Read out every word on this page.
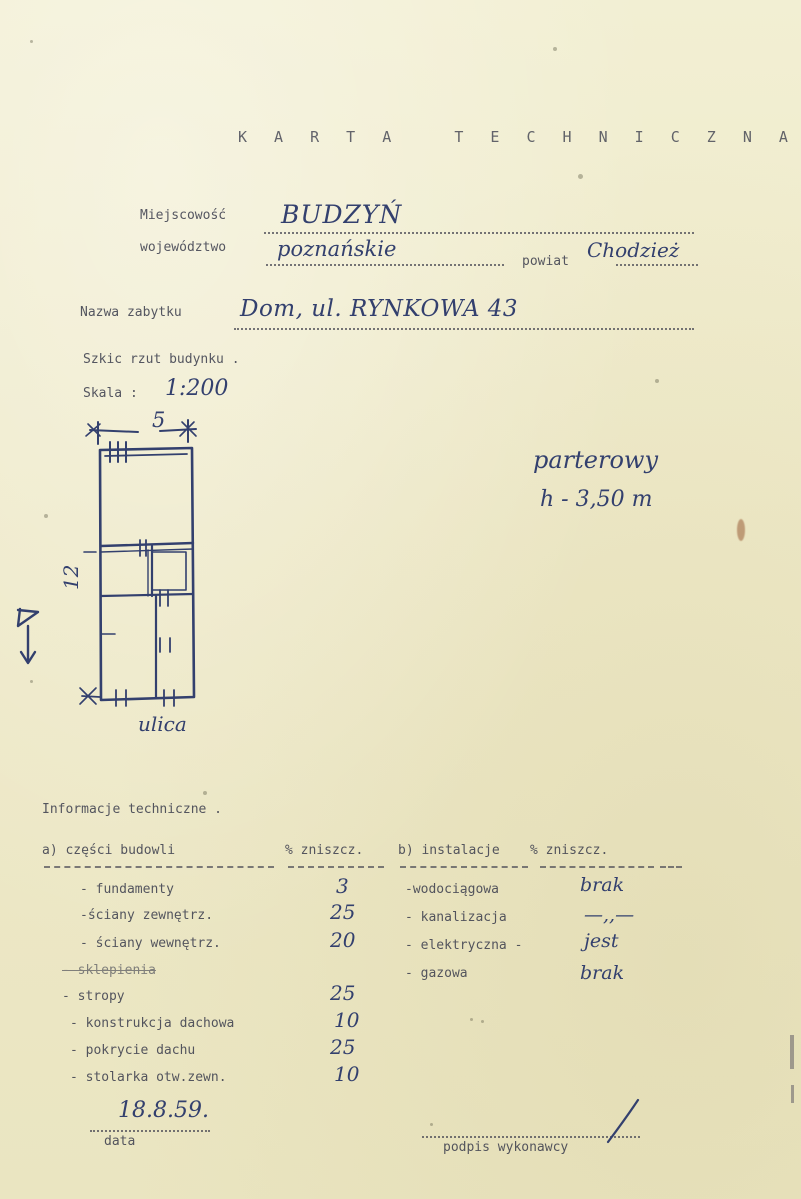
K A R T A   T E C H N I C Z N A
Miejscowość BUDZYŃ
województwo poznańskie
powiat Chodzież
Nazwa zabytku	Dom, ul. RYNKOWA 43
Szkic rzut budynku .
Skala : 1:200
parterowy
h - 3,50 m
12
5
ulica
Informacje techniczne .
a) części budowli	% zniszcz.	b) instalacje % zniszcz.
- fundamenty	3
-ściany zewnętrz.	25
- ściany wewnętrz.	20
- sklepienia
- stropy	25
- konstrukcja dachowa	10
- pokrycie dachu	25
- stolarka otw.zewn.	10
-wodociągowa	brak
- kanalizacja	—,,—
- elektryczna -	jest
- gazowa	brak
18.8.59.
data	podpis wykonawcy
